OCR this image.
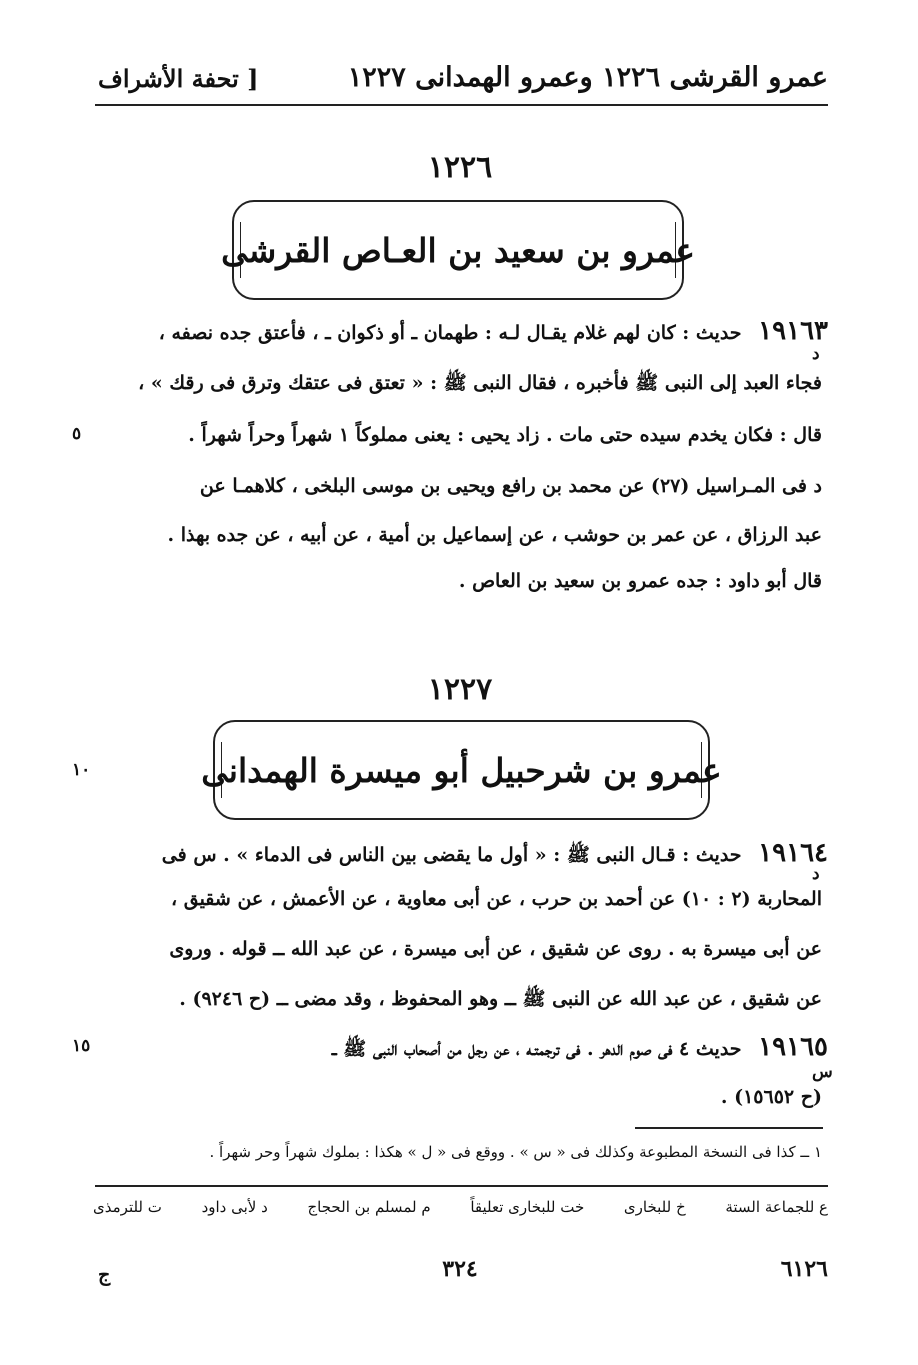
عمرو القرشى ١٢٢٦ وعمرو الهمدانى ١٢٢٧
[ تحفة الأشراف
١٢٢٦
عمرو بن سعيد بن العـاص القرشى
١٩١٦٣ حديث : كان لهم غلام يقـال لـه : طهمان ـ أو ذكوان ـ ، فأعتق جده نصفه ،
د
فجاء العبد إلى النبى ﷺ فأخبره ، فقال النبى ﷺ : « تعتق فى عتقك وترق فى رقك » ،
قال : فكان يخدم سيده حتى مات . زاد يحيى : يعنى مملوكاً ١ شهراً وحراً شهراً .
٥
د فى المـراسيل (٢٧) عن محمد بن رافع ويحيى بن موسى البلخى ، كلاهمـا عن
عبد الرزاق ، عن عمر بن حوشب ، عن إسماعيل بن أمية ، عن أبيه ، عن جده بهذا .
قال أبو داود : جده عمرو بن سعيد بن العاص .
١٢٢٧
عمرو بن شرحبيل أبو ميسرة الهمدانى
١٠
١٩١٦٤ حديث : قـال النبى ﷺ : « أول ما يقضى بين الناس فى الدماء » . س فى
د
المحاربة (٢ : ١٠) عن أحمد بن حرب ، عن أبى معاوية ، عن الأعمش ، عن شقيق ،
عن أبى ميسرة به . روى عن شقيق ، عن أبى ميسرة ، عن عبد الله ــ قوله . وروى
عن شقيق ، عن عبد الله عن النبى ﷺ ــ وهو المحفوظ ، وقد مضى ــ (ح ٩٢٤٦) .
١٩١٦٥ حديث ٤ فى صوم الدهر . فى ترجمتـه ، عن رجل من أصحاب النبى ﷺ ــ
س
١٥
(ح ١٥٦٥٢) .
١ ــ كذا فى النسخة المطبوعة وكذلك فى « س » . ووقع فى « ل » هكذا : بملوك شهراً وحر شهراً .
ع للجماعة الستة
خ للبخارى
خت للبخارى تعليقاً
م لمسلم بن الحجاج
د لأبى داود
ت للترمذى
ج	٣٢٤	٦١٢٦
